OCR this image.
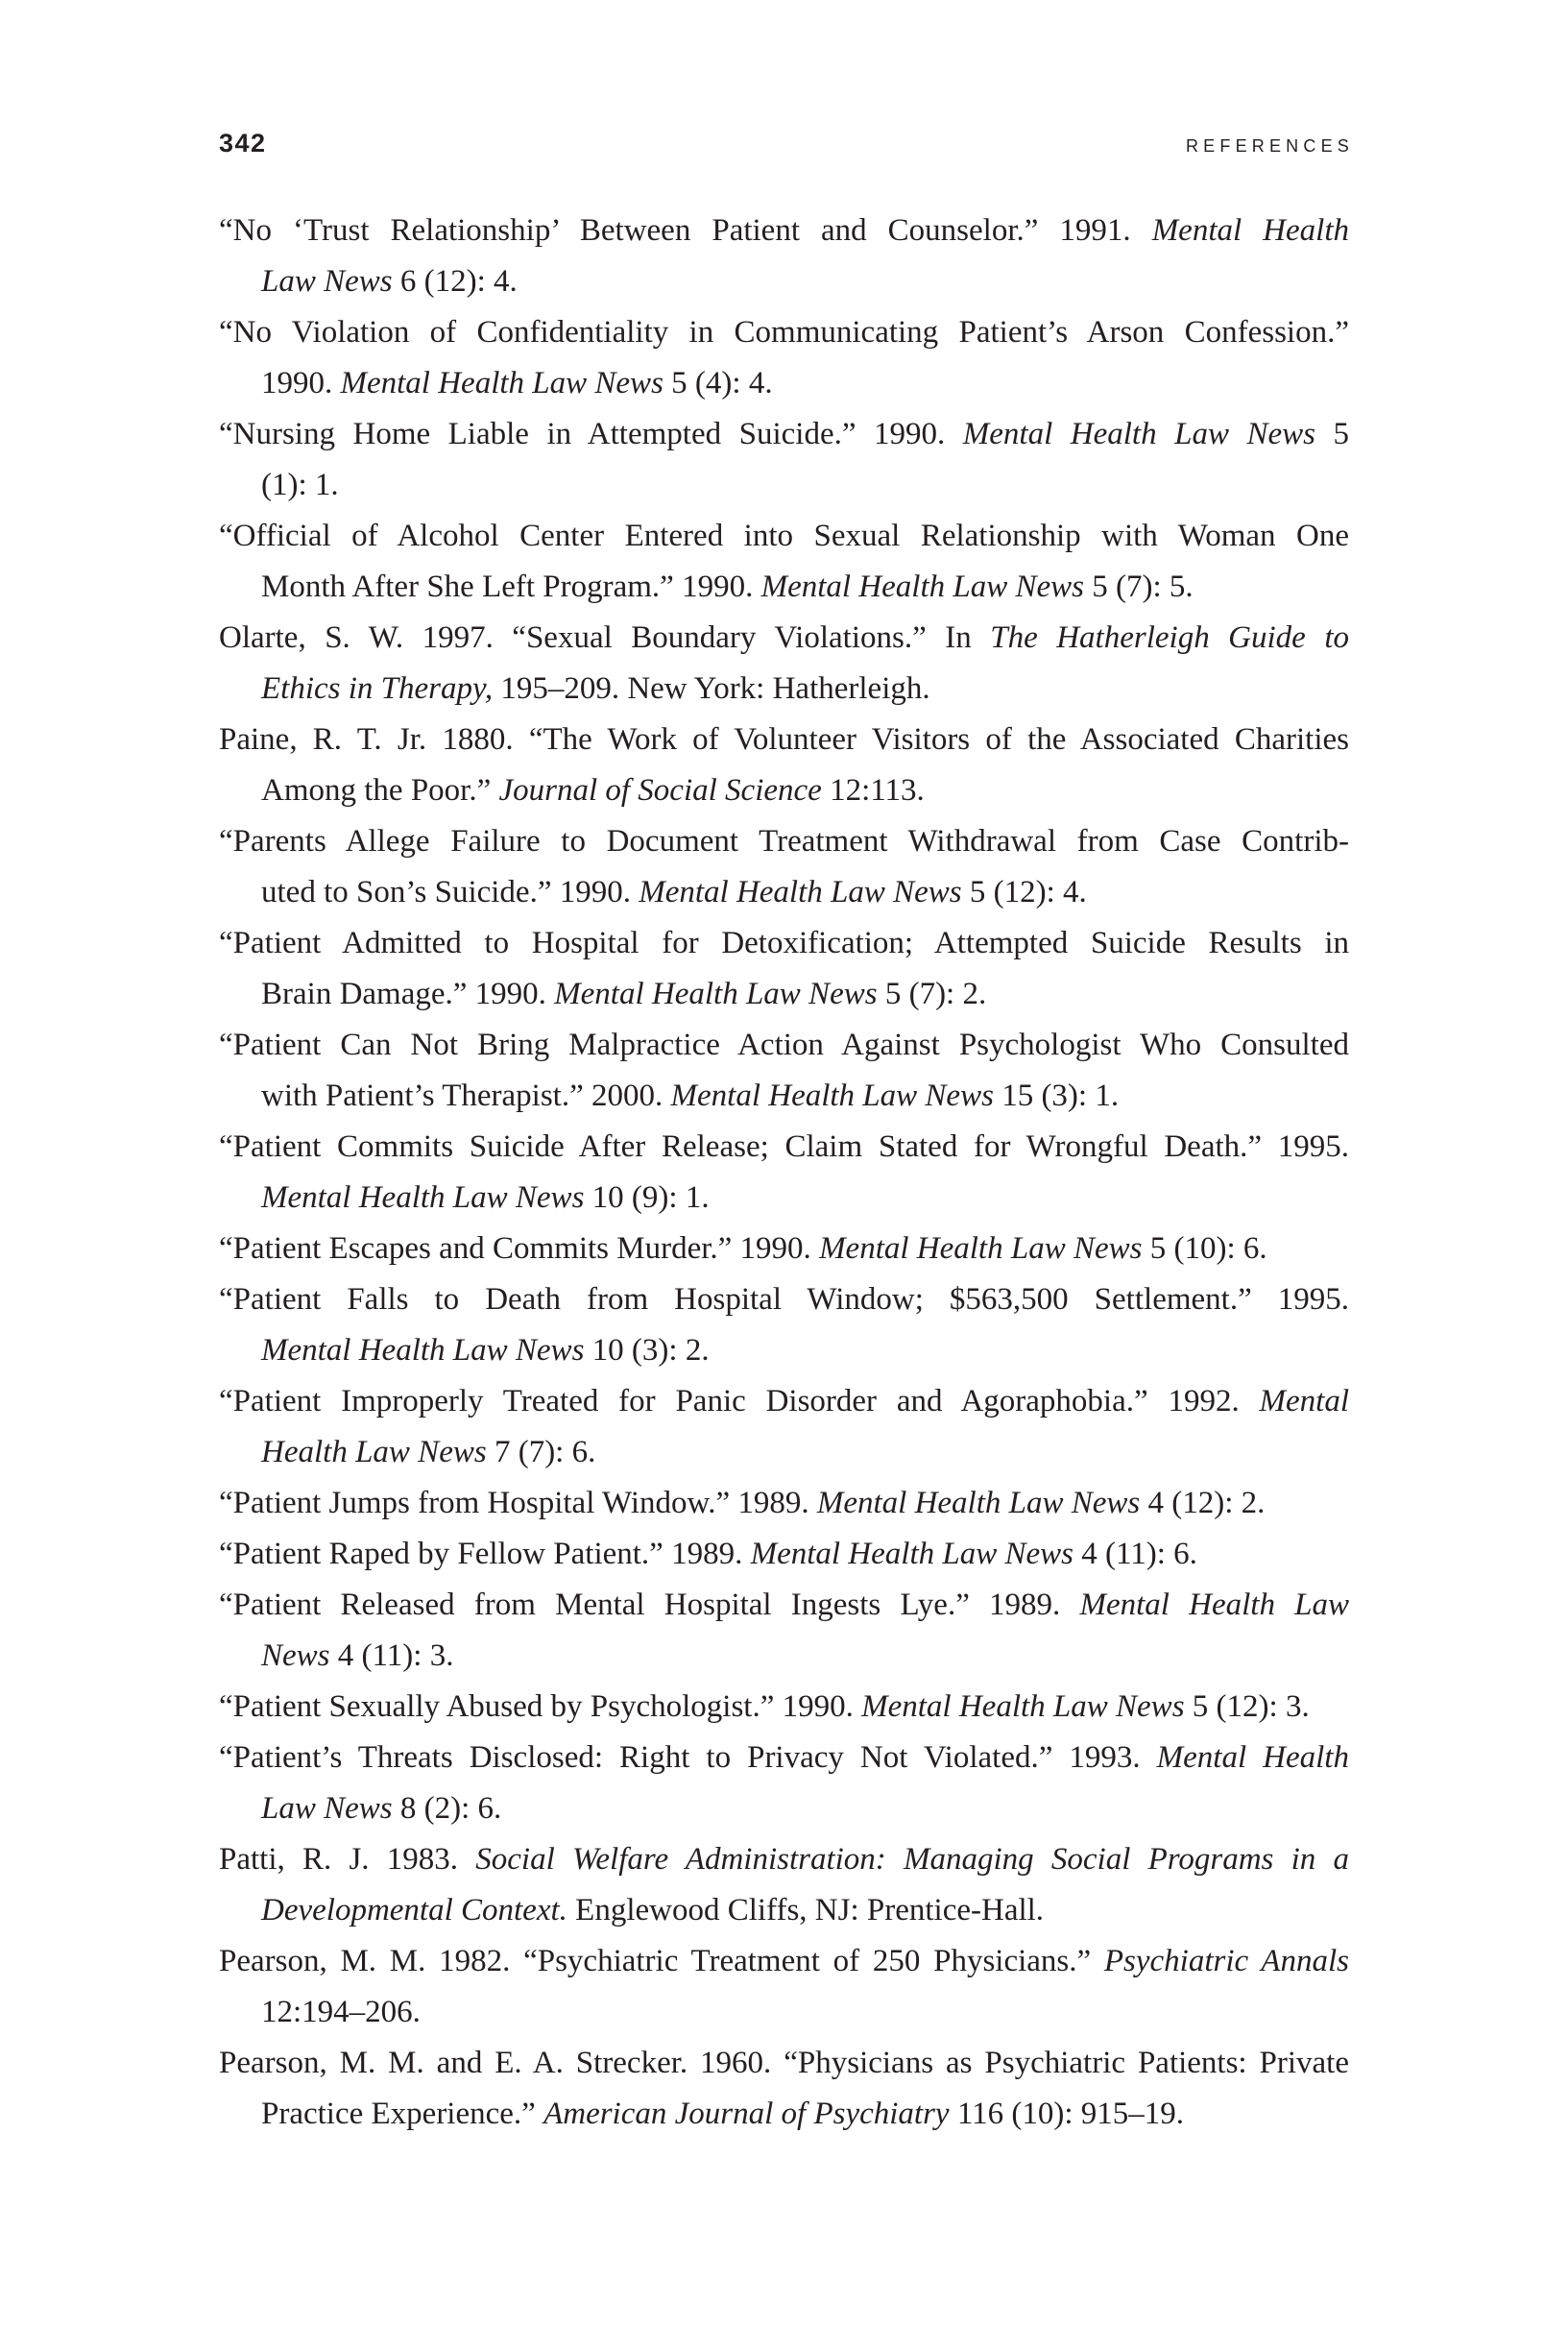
342	REFERENCES
“No ‘Trust Relationship’ Between Patient and Counselor.” 1991. Mental Health
Law News 6 (12): 4.
“No Violation of Confidentiality in Communicating Patient’s Arson Confession.”
1990. Mental Health Law News 5 (4): 4.
“Nursing Home Liable in Attempted Suicide.” 1990. Mental Health Law News 5
(1): 1.
“Official of Alcohol Center Entered into Sexual Relationship with Woman One
Month After She Left Program.” 1990. Mental Health Law News 5 (7): 5.
Olarte, S. W. 1997. “Sexual Boundary Violations.” In The Hatherleigh Guide to
Ethics in Therapy, 195–209. New York: Hatherleigh.
Paine, R. T. Jr. 1880. “The Work of Volunteer Visitors of the Associated Charities
Among the Poor.” Journal of Social Science 12:113.
“Parents Allege Failure to Document Treatment Withdrawal from Case Contrib-
uted to Son’s Suicide.” 1990. Mental Health Law News 5 (12): 4.
“Patient Admitted to Hospital for Detoxification; Attempted Suicide Results in
Brain Damage.” 1990. Mental Health Law News 5 (7): 2.
“Patient Can Not Bring Malpractice Action Against Psychologist Who Consulted
with Patient’s Therapist.” 2000. Mental Health Law News 15 (3): 1.
“Patient Commits Suicide After Release; Claim Stated for Wrongful Death.” 1995.
Mental Health Law News 10 (9): 1.
“Patient Escapes and Commits Murder.” 1990. Mental Health Law News 5 (10): 6.
“Patient Falls to Death from Hospital Window; $563,500 Settlement.” 1995.
Mental Health Law News 10 (3): 2.
“Patient Improperly Treated for Panic Disorder and Agoraphobia.” 1992. Mental
Health Law News 7 (7): 6.
“Patient Jumps from Hospital Window.” 1989. Mental Health Law News 4 (12): 2.
“Patient Raped by Fellow Patient.” 1989. Mental Health Law News 4 (11): 6.
“Patient Released from Mental Hospital Ingests Lye.” 1989. Mental Health Law
News 4 (11): 3.
“Patient Sexually Abused by Psychologist.” 1990. Mental Health Law News 5 (12): 3.
“Patient’s Threats Disclosed: Right to Privacy Not Violated.” 1993. Mental Health
Law News 8 (2): 6.
Patti, R. J. 1983. Social Welfare Administration: Managing Social Programs in a
Developmental Context. Englewood Cliffs, NJ: Prentice-Hall.
Pearson, M. M. 1982. “Psychiatric Treatment of 250 Physicians.” Psychiatric Annals
12:194–206.
Pearson, M. M. and E. A. Strecker. 1960. “Physicians as Psychiatric Patients: Private
Practice Experience.” American Journal of Psychiatry 116 (10): 915–19.
